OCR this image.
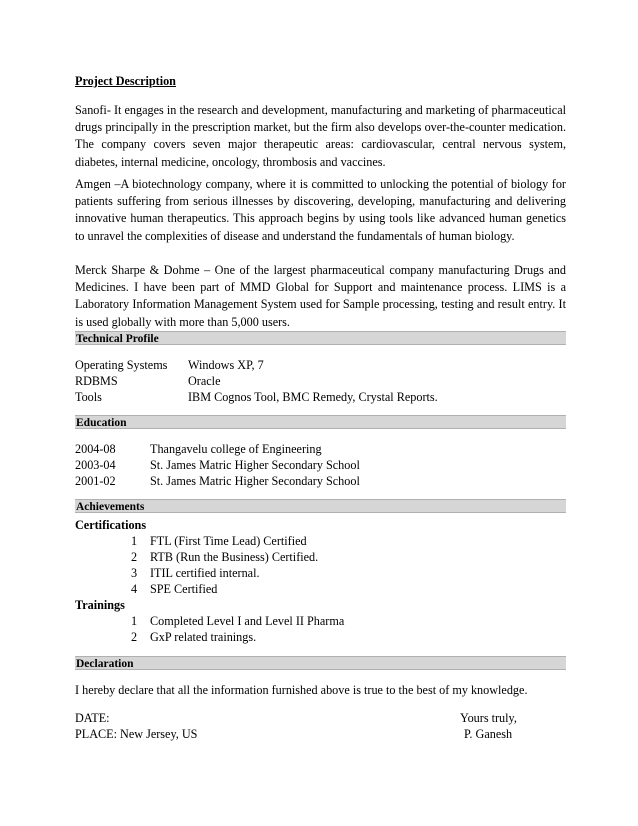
Project Description

Sanofi- It engages in the research and development, manufacturing and marketing of pharmaceutical drugs principally in the prescription market, but the firm also develops over-the-counter medication. The company covers seven major therapeutic areas: cardiovascular, central nervous system, diabetes, internal medicine, oncology, thrombosis and vaccines.

Amgen –A biotechnology company, where it is committed to unlocking the potential of biology for patients suffering from serious illnesses by discovering, developing, manufacturing and delivering innovative human therapeutics. This approach begins by using tools like advanced human genetics to unravel the complexities of disease and understand the fundamentals of human biology.

Merck Sharpe & Dohme – One of the largest pharmaceutical company manufacturing Drugs and Medicines. I have been part of MMD Global for Support and maintenance process. LIMS is a Laboratory Information Management System used for Sample processing, testing and result entry. It is used globally with more than 5,000 users.

Technical Profile
Operating Systems Windows XP, 7
RDBMS	Oracle
Tools	IBM Cognos Tool, BMC Remedy, Crystal Reports.
Education
2004-08	Thangavelu college of Engineering
2003-04	St. James Matric Higher Secondary School
2001-02	St. James Matric Higher Secondary School
Achievements
Certifications
1 FTL (First Time Lead) Certified
2 RTB (Run the Business) Certified.
3 ITIL certified internal.
4 SPE Certified
Trainings
1 Completed Level I and Level II Pharma
2 GxP related trainings.
Declaration
I hereby declare that all the information furnished above is true to the best of my knowledge.
DATE:	Yours truly,
PLACE: New Jersey, US	P. Ganesh
